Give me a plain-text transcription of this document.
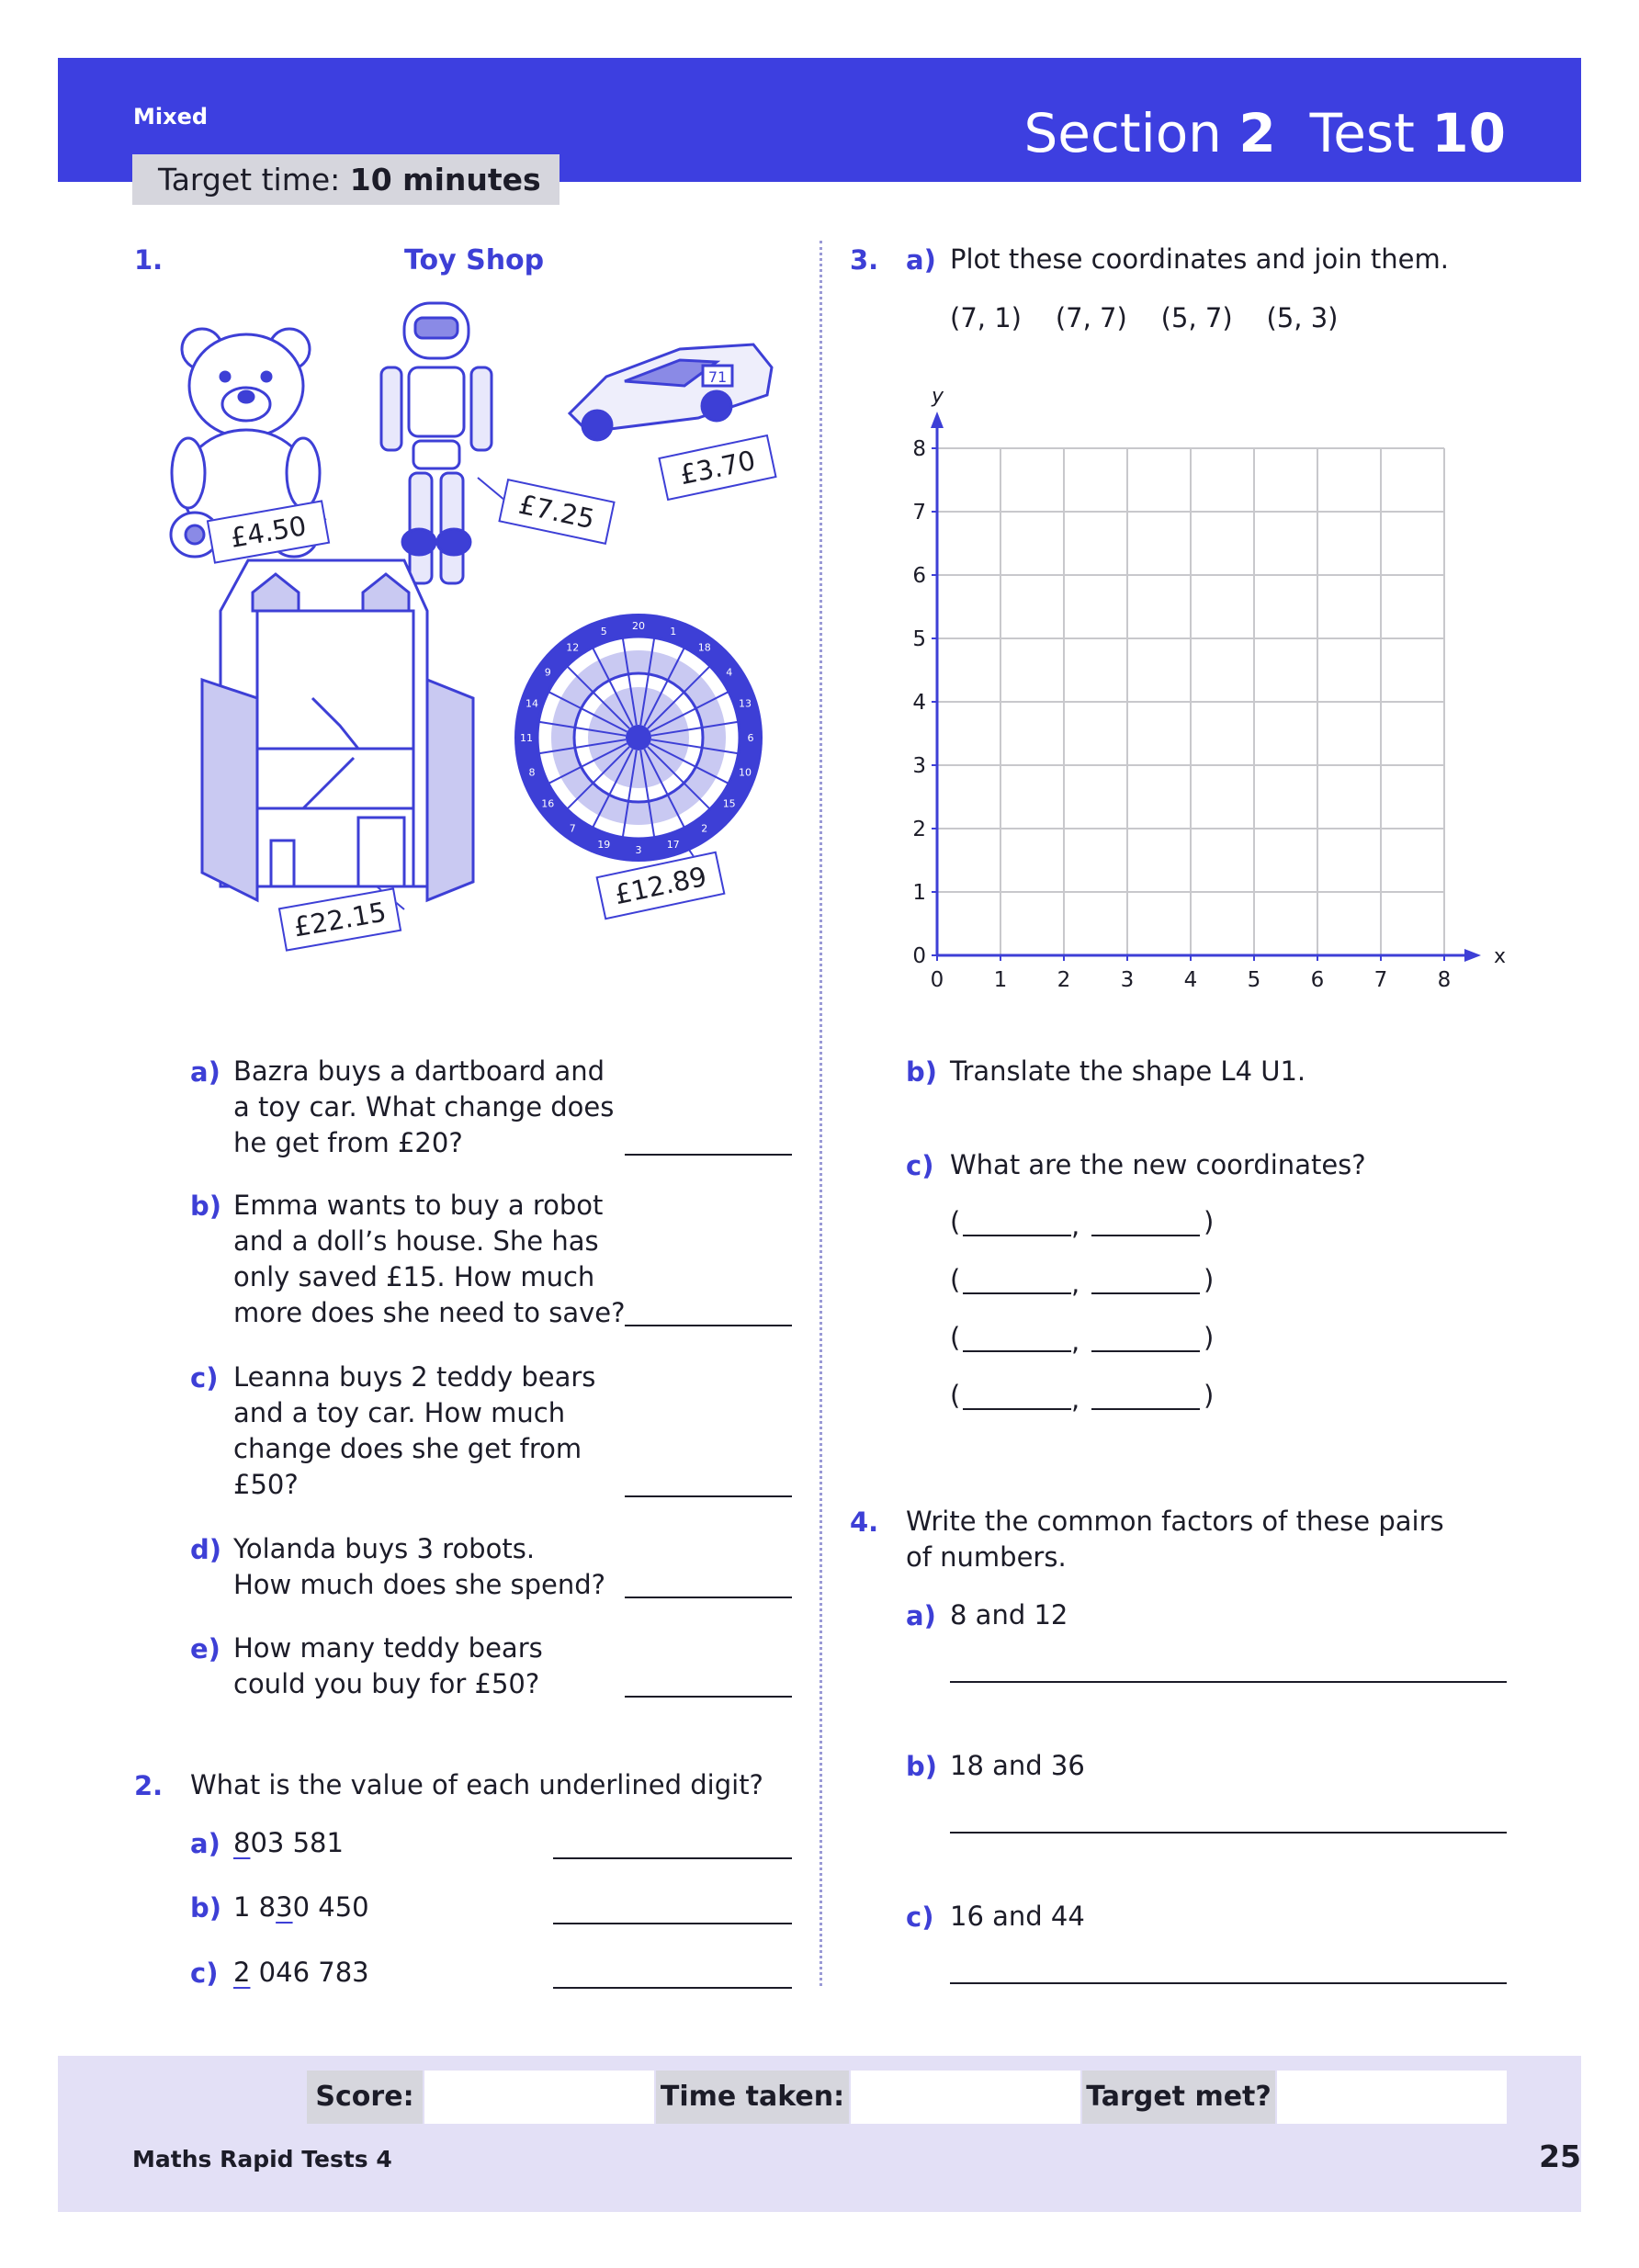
Mixed	Section 2 Test 10
Target time: 10 minutes
1.	Toy Shop
71
20 1
18
4
13
6
10
15
2
17
3
19
7
16
8
11
14
9
12
5
£4.50	£7.25
£3.70
£22.15
£12.89
a) Bazra buys a dartboard and
a toy car. What change does
he get from £20?
b) Emma wants to buy a robot
and a doll’s house. She has
only saved £15. How much
more does she need to save?
c) Leanna buys 2 teddy bears
and a toy car. How much
change does she get from
£50?
d) Yolanda buys 3 robots.
How much does she spend?
e) How many teddy bears
could you buy for £50?
2. What is the value of each underlined digit?
a) 803 581
b) 1 830 450
c) 2 046 783
3. a) Plot these coordinates and join them.
(7, 1)    (7, 7)    (5, 7)    (5, 3)
0 1 2 3 4 5 6 7 8
0
1
2
3
4
5
6
7
8
x
y
b) Translate the shape L4 U1.
c) What are the new coordinates?
(	,	)
(	,	)
(	,	)
(	,	)
4. Write the common factors of these pairs
of numbers.
a) 8 and 12
b) 18 and 36
c) 16 and 44
Score:	Time taken:	Target met?
Maths Rapid Tests 4	25
